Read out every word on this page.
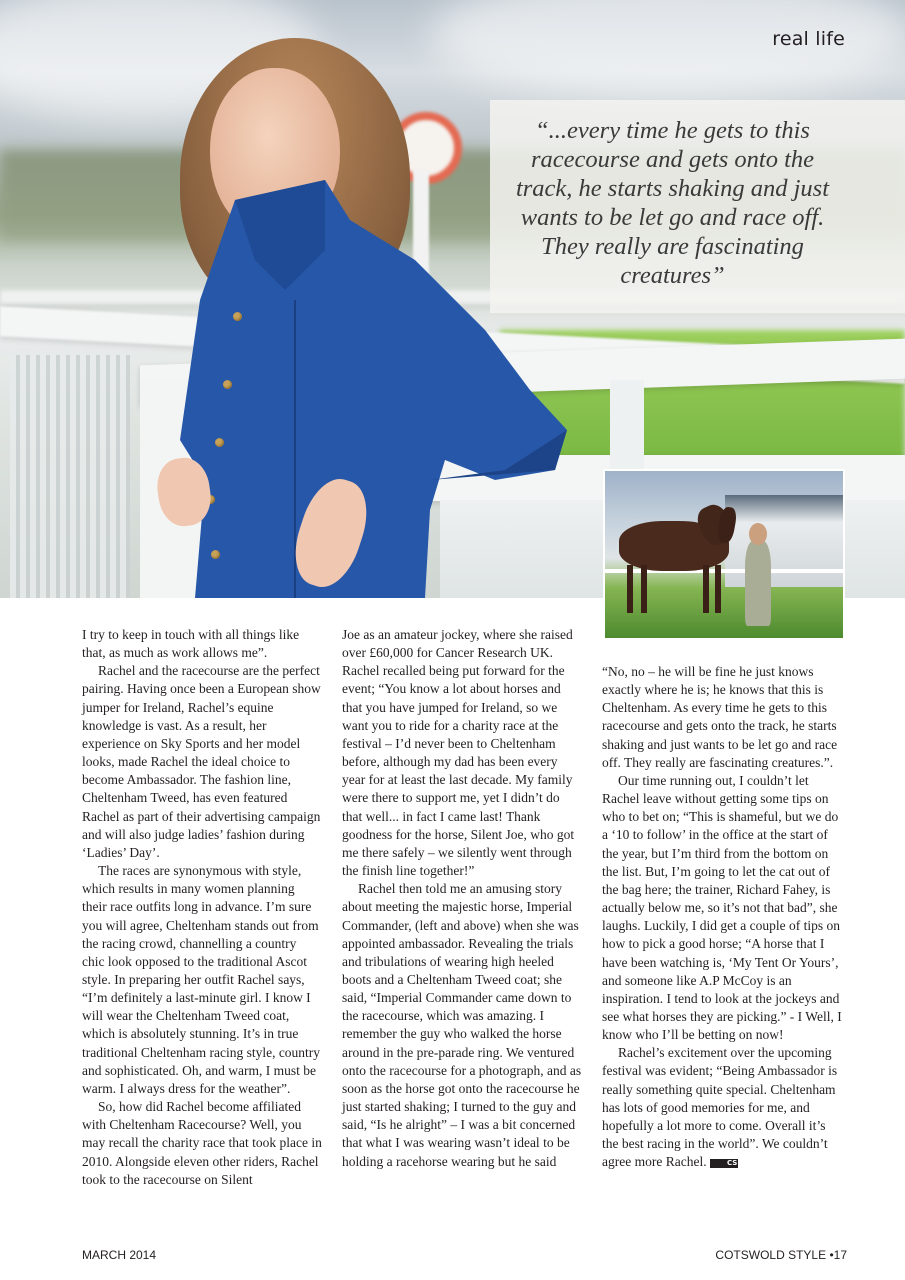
real life
“...every time he gets to this racecourse and gets onto the track, he starts shaking and just wants to be let go and race off. They really are fascinating creatures”

I try to keep in touch with all things like that, as much as work allows me”.

Rachel and the racecourse are the perfect pairing. Having once been a European show jumper for Ireland, Rachel’s equine knowledge is vast. As a result, her experience on Sky Sports and her model looks, made Rachel the ideal choice to become Ambassador. The fashion line, Cheltenham Tweed, has even featured Rachel as part of their advertising campaign and will also judge ladies’ fashion during ‘Ladies’ Day’.

The races are synonymous with style, which results in many women planning their race outfits long in advance. I’m sure you will agree, Cheltenham stands out from the racing crowd, channelling a country chic look opposed to the traditional Ascot style. In preparing her outfit Rachel says, “I’m definitely a last-minute girl. I know I will wear the Cheltenham Tweed coat, which is absolutely stunning. It’s in true traditional Cheltenham racing style, country and sophisticated. Oh, and warm, I must be warm. I always dress for the weather”.

So, how did Rachel become affiliated with Cheltenham Racecourse? Well, you may recall the charity race that took place in 2010. Alongside eleven other riders, Rachel took to the racecourse on Silent

Joe as an amateur jockey, where she raised over £60,000 for Cancer Research UK. Rachel recalled being put forward for the event; “You know a lot about horses and that you have jumped for Ireland, so we want you to ride for a charity race at the festival – I’d never been to Cheltenham before, although my dad has been every year for at least the last decade. My family were there to support me, yet I didn’t do that well... in fact I came last! Thank goodness for the horse, Silent Joe, who got me there safely – we silently went through the finish line together!”

Rachel then told me an amusing story about meeting the majestic horse, Imperial Commander, (left and above) when she was appointed ambassador. Revealing the trials and tribulations of wearing high heeled boots and a Cheltenham Tweed coat; she said, “Imperial Commander came down to the racecourse, which was amazing. I remember the guy who walked the horse around in the pre-parade ring. We ventured onto the racecourse for a photograph, and as soon as the horse got onto the racecourse he just started shaking; I turned to the guy and said, “Is he alright” – I was a bit concerned that what I was wearing wasn’t ideal to be holding a racehorse wearing but he said

“No, no – he will be fine he just knows exactly where he is; he knows that this is Cheltenham. As every time he gets to this racecourse and gets onto the track, he starts shaking and just wants to be let go and race off. They really are fascinating creatures.”.

Our time running out, I couldn’t let Rachel leave without getting some tips on who to bet on; “This is shameful, but we do a ‘10 to follow’ in the office at the start of the year, but I’m third from the bottom on the list. But, I’m going to let the cat out of the bag here; the trainer, Richard Fahey, is actually below me, so it’s not that bad”, she laughs. Luckily, I did get a couple of tips on how to pick a good horse; “A horse that I have been watching is, ‘My Tent Or Yours’, and someone like A.P McCoy is an inspiration. I tend to look at the jockeys and see what horses they are picking.” - I Well, I know who I’ll be betting on now!

Rachel’s excitement over the upcoming festival was evident; “Being Ambassador is really something quite special. Cheltenham has lots of good memories for me, and hopefully a lot more to come. Overall it’s the best racing in the world”. We couldn’t agree more Rachel.	CS

MARCH 2014	COTSWOLD STYLE •17
